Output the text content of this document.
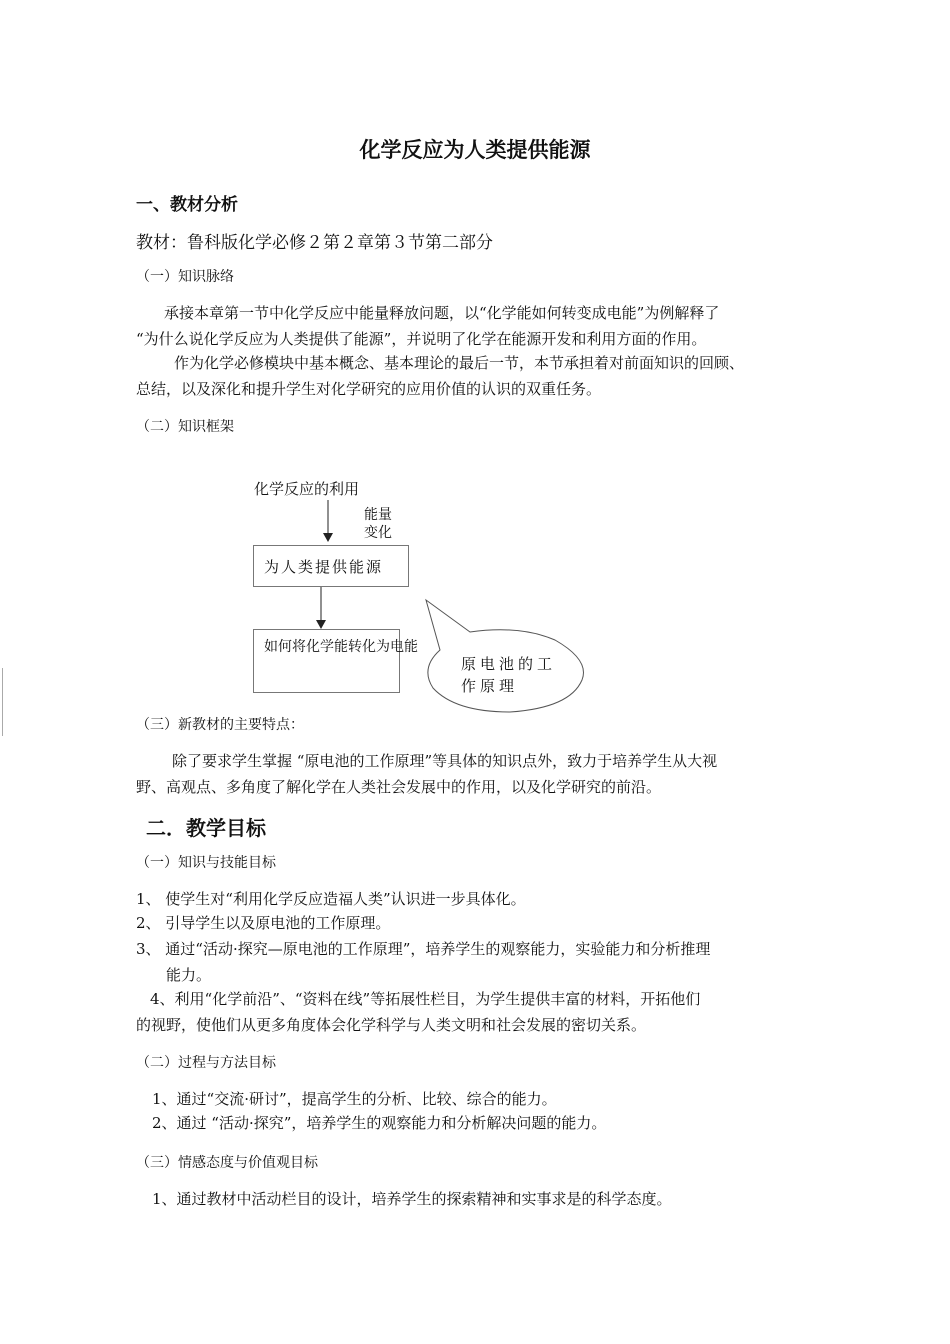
化学反应为人类提供能源
一、教材分析
教材：鲁科版化学必修２第２章第３节第二部分
（一）知识脉络
承接本章第一节中化学反应中能量释放问题，以“化学能如何转变成电能”为例解释了
“为什么说化学反应为人类提供了能源”，并说明了化学在能源开发和利用方面的作用。
作为化学必修模块中基本概念、基本理论的最后一节，本节承担着对前面知识的回顾、
总结，以及深化和提升学生对化学研究的应用价值的认识的双重任务。
（二）知识框架
化学反应的利用
能量
变化
为人类提供能源
如何将化学能转化为电能
原电池的工
作原理
（三）新教材的主要特点：
除了要求学生掌握 “原电池的工作原理”等具体的知识点外，致力于培养学生从大视
野、高观点、多角度了解化学在人类社会发展中的作用，以及化学研究的前沿。
二．教学目标
（一）知识与技能目标
1、 使学生对“利用化学反应造福人类”认识进一步具体化。
2、 引导学生以及原电池的工作原理。
3、 通过“活动·探究—原电池的工作原理”，培养学生的观察能力，实验能力和分析推理
能力。
4、利用“化学前沿”、“资料在线”等拓展性栏目，为学生提供丰富的材料，开拓他们
的视野，使他们从更多角度体会化学科学与人类文明和社会发展的密切关系。
（二）过程与方法目标
1、通过“交流·研讨”，提高学生的分析、比较、综合的能力。
2、通过 “活动·探究”，培养学生的观察能力和分析解决问题的能力。
（三）情感态度与价值观目标
1、通过教材中活动栏目的设计，培养学生的探索精神和实事求是的科学态度。
